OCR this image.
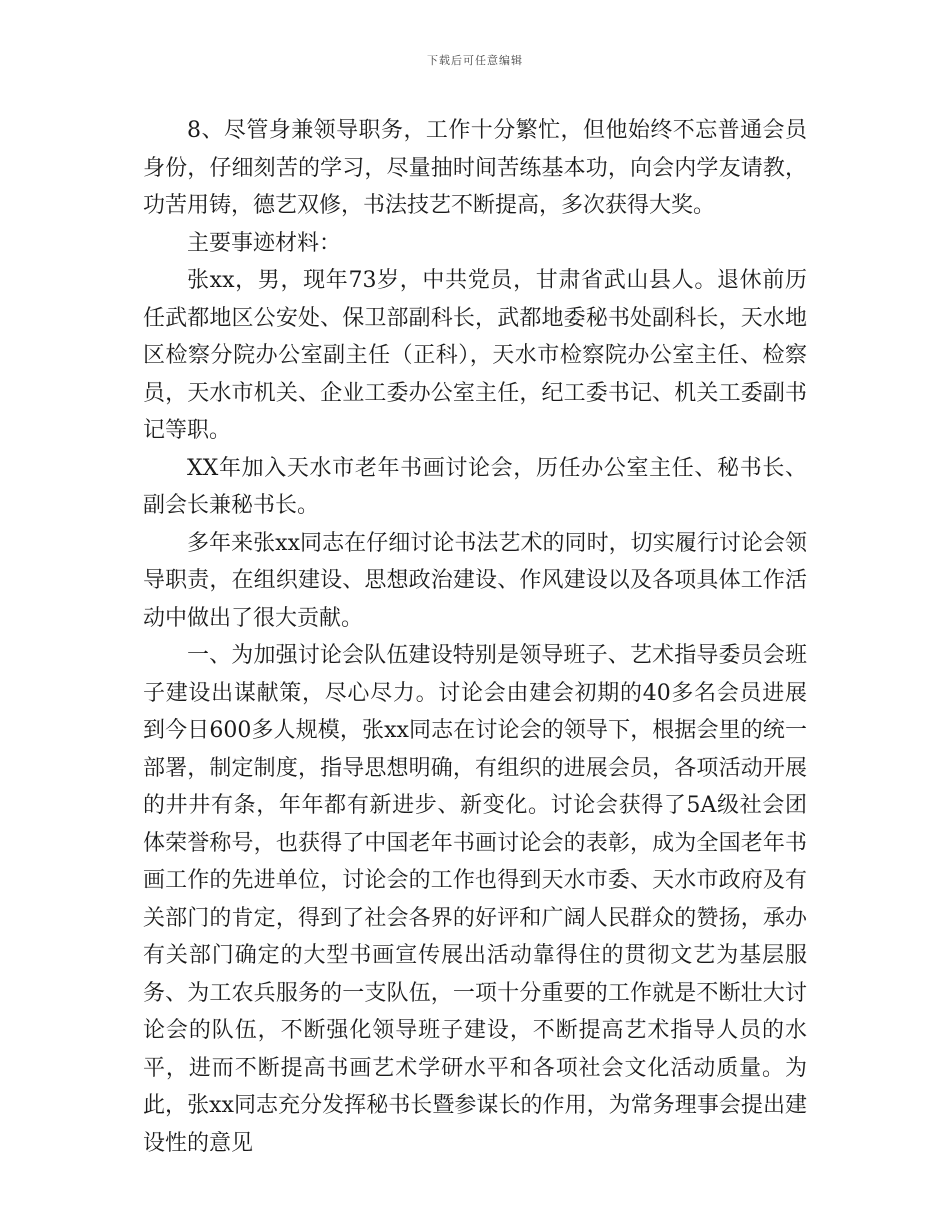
下载后可任意编辑

8、尽管身兼领导职务，工作十分繁忙，但他始终不忘普通会员身份，仔细刻苦的学习，尽量抽时间苦练基本功，向会内学友请教，功苦用铸，德艺双修，书法技艺不断提高，多次获得大奖。

主要事迹材料：

张xx，男，现年73岁，中共党员，甘肃省武山县人。退休前历任武都地区公安处、保卫部副科长，武都地委秘书处副科长，天水地区检察分院办公室副主任（正科），天水市检察院办公室主任、检察员，天水市机关、企业工委办公室主任，纪工委书记、机关工委副书记等职。

XX年加入天水市老年书画讨论会，历任办公室主任、秘书长、副会长兼秘书长。

多年来张xx同志在仔细讨论书法艺术的同时，切实履行讨论会领导职责，在组织建设、思想政治建设、作风建设以及各项具体工作活动中做出了很大贡献。

一、为加强讨论会队伍建设特别是领导班子、艺术指导委员会班子建设出谋献策，尽心尽力。讨论会由建会初期的40多名会员进展到今日600多人规模，张xx同志在讨论会的领导下，根据会里的统一部署，制定制度，指导思想明确，有组织的进展会员，各项活动开展的井井有条，年年都有新进步、新变化。讨论会获得了5A级社会团体荣誉称号，也获得了中国老年书画讨论会的表彰，成为全国老年书画工作的先进单位，讨论会的工作也得到天水市委、天水市政府及有关部门的肯定，得到了社会各界的好评和广阔人民群众的赞扬，承办有关部门确定的大型书画宣传展出活动靠得住的贯彻文艺为基层服务、为工农兵服务的一支队伍，一项十分重要的工作就是不断壮大讨论会的队伍，不断强化领导班子建设，不断提高艺术指导人员的水平，进而不断提高书画艺术学研水平和各项社会文化活动质量。为此，张xx同志充分发挥秘书长暨参谋长的作用，为常务理事会提出建设性的意见
